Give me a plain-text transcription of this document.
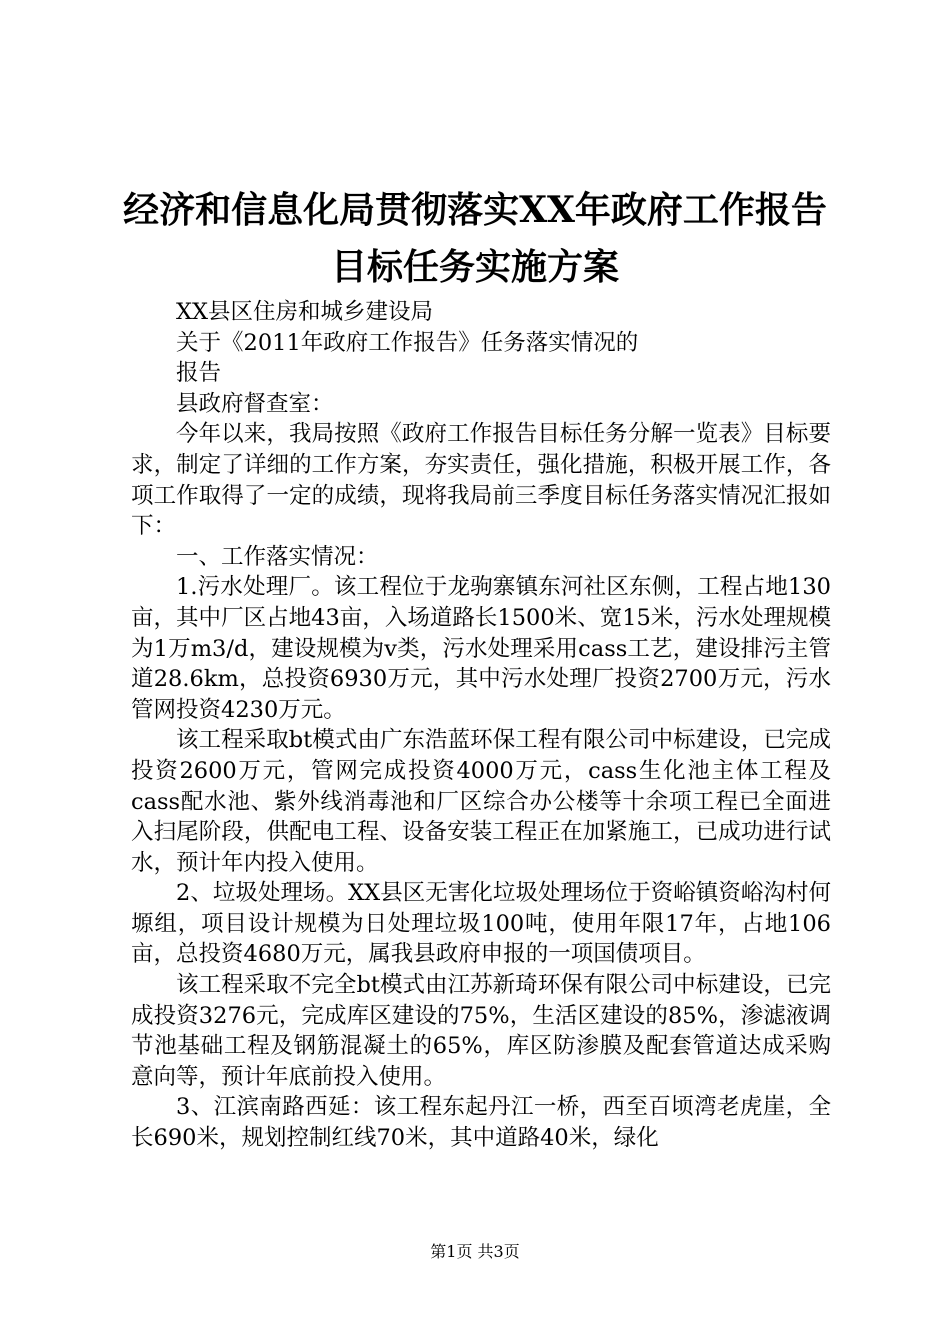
经济和信息化局贯彻落实XX年政府工作报告
目标任务实施方案

XX县区住房和城乡建设局

关于《2011年政府工作报告》任务落实情况的

报告

县政府督查室：

今年以来，我局按照《政府工作报告目标任务分解一览表》目标要求，制定了详细的工作方案，夯实责任，强化措施，积极开展工作，各项工作取得了一定的成绩，现将我局前三季度目标任务落实情况汇报如下：

一、工作落实情况：

1.污水处理厂。该工程位于龙驹寨镇东河社区东侧，工程占地130亩，其中厂区占地43亩，入场道路长1500米、宽15米，污水处理规模为1万m3/d，建设规模为v类，污水处理采用cass工艺，建设排污主管道28.6km，总投资6930万元，其中污水处理厂投资2700万元，污水管网投资4230万元。

该工程采取bt模式由广东浩蓝环保工程有限公司中标建设，已完成投资2600万元，管网完成投资4000万元，cass生化池主体工程及cass配水池、紫外线消毒池和厂区综合办公楼等十余项工程已全面进入扫尾阶段，供配电工程、设备安装工程正在加紧施工，已成功进行试水，预计年内投入使用。

2、垃圾处理场。XX县区无害化垃圾处理场位于资峪镇资峪沟村何塬组，项目设计规模为日处理垃圾100吨，使用年限17年，占地106亩，总投资4680万元，属我县政府申报的一项国债项目。

该工程采取不完全bt模式由江苏新琦环保有限公司中标建设，已完成投资3276元，完成库区建设的75%，生活区建设的85%，渗滤液调节池基础工程及钢筋混凝土的65%，库区防渗膜及配套管道达成采购意向等，预计年底前投入使用。

3、江滨南路西延：该工程东起丹江一桥，西至百顷湾老虎崖，全长690米，规划控制红线70米，其中道路40米，绿化

第1页 共3页
